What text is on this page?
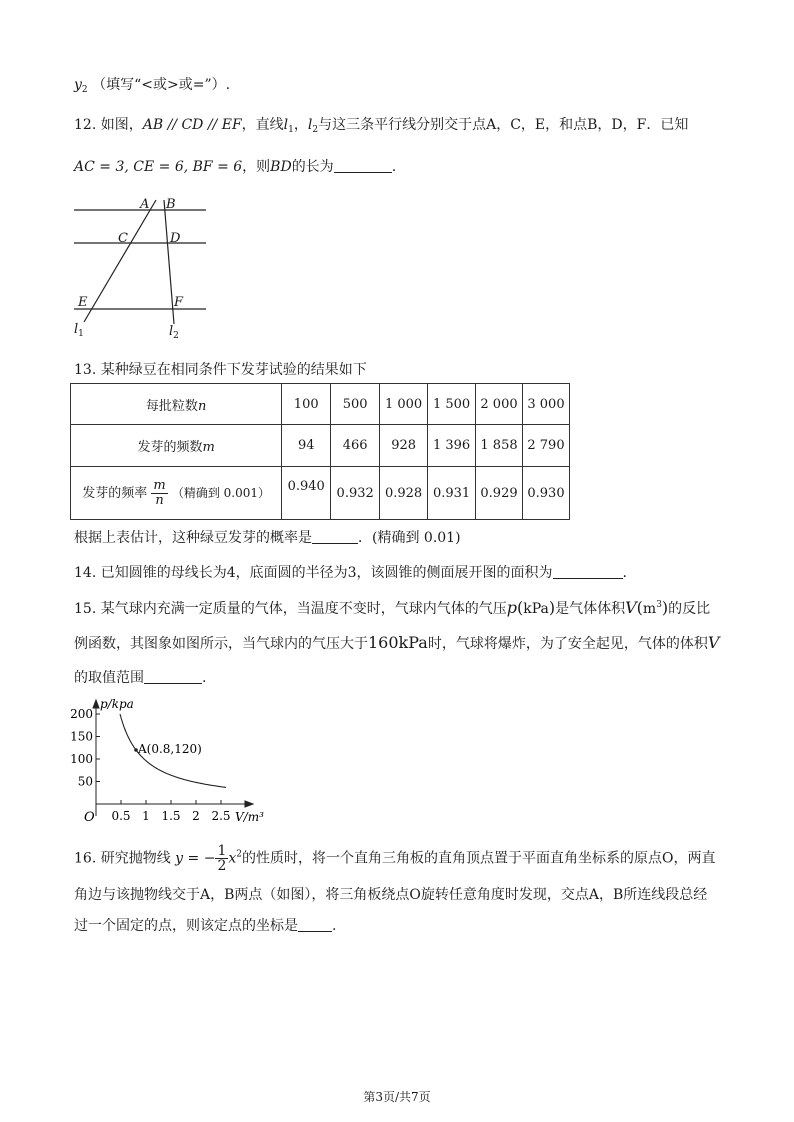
$y_2$ （填写“<或>或=”）.
12. 如图，AB // CD // EF，直线$l_1$，$l_2$与这三条平行线分别交于点A，C，E，和点B，D，F．已知
AC = 3, CE = 6, BF = 6，则BD的长为	.
A B
C	D
E	F
$l_1$	$l_2$
13. 某种绿豆在相同条件下发芽试验的结果如下
每批粒数n	100	500	1 000	1 500	2 000	3 000
发芽的频数m	94	466	928	1 396	1 858	2 790
发芽的频率 $\frac{m}{n}$ （精确到 0.001）	0.940	0.932	0.928	0.931	0.929	0.930
根据上表估计，这种绿豆发芽的概率是	．(精确到 0.01)
14. 已知圆锥的母线长为4，底面圆的半径为3，该圆锥的侧面展开图的面积为	.
15. 某气球内充满一定质量的气体，当温度不变时，气球内气体的气压p(kPa)是气体体积$V(m^3)$的反比
例函数，其图象如图所示，当气球内的气压大于160kPa时，气球将爆炸，为了安全起见，气体的体积V
的取值范围	.
0.5 1 1.5 2 2.5
200
150
100
50
p/kpa
V/m³
O
A(0.8,120)
16. 研究抛物线 y = − $\frac{1}{2} x^2$的性质时，将一个直角三角板的直角顶点置于平面直角坐标系的原点O，两直
角边与该抛物线交于A，B两点（如图），将三角板绕点O旋转任意角度时发现，交点A，B所连线段总经
过一个固定的点，则该定点的坐标是 .
第3页/共7页
